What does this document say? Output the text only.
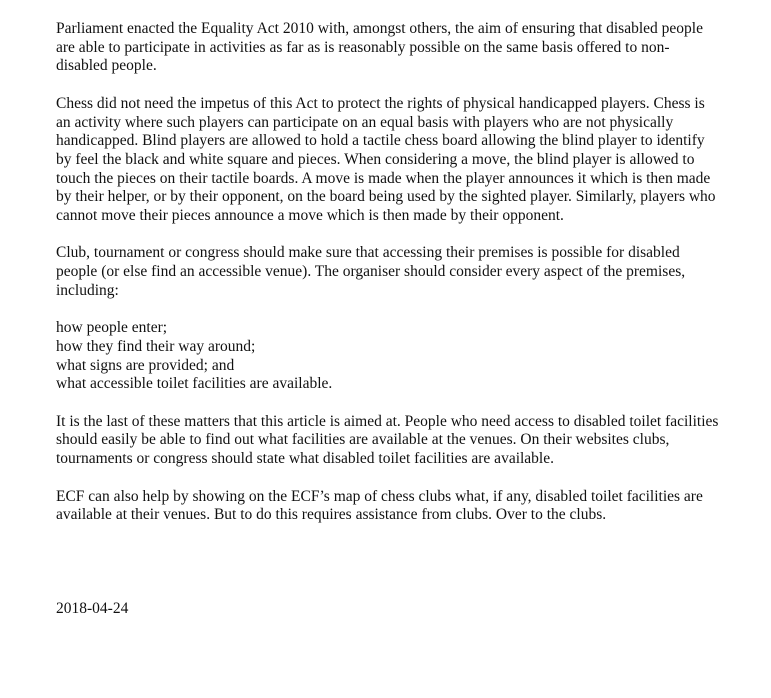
Parliament enacted the Equality Act 2010 with, amongst others, the aim of ensuring that disabled people are able to participate in activities as far as is reasonably possible on the same basis offered to non-disabled people.

Chess did not need the impetus of this Act to protect the rights of physical handicapped players. Chess is an activity where such players can participate on an equal basis with players who are not physically handicapped. Blind players are allowed to hold a tactile chess board allowing the blind player to identify by feel the black and white square and pieces. When considering a move, the blind player is allowed to touch the pieces on their tactile boards. A move is made when the player announces it which is then made by their helper, or by their opponent, on the board being used by the sighted player. Similarly, players who cannot move their pieces announce a move which is then made by their opponent.

Club, tournament or congress should make sure that accessing their premises is possible for disabled people (or else find an accessible venue). The organiser should consider every aspect of the premises, including:

how people enter;
how they find their way around;
what signs are provided; and
what accessible toilet facilities are available.

It is the last of these matters that this article is aimed at. People who need access to disabled toilet facilities should easily be able to find out what facilities are available at the venues. On their websites clubs, tournaments or congress should state what disabled toilet facilities are available.

ECF can also help by showing on the ECF’s map of chess clubs what, if any, disabled toilet facilities are available at their venues. But to do this requires assistance from clubs. Over to the clubs.

2018-04-24
